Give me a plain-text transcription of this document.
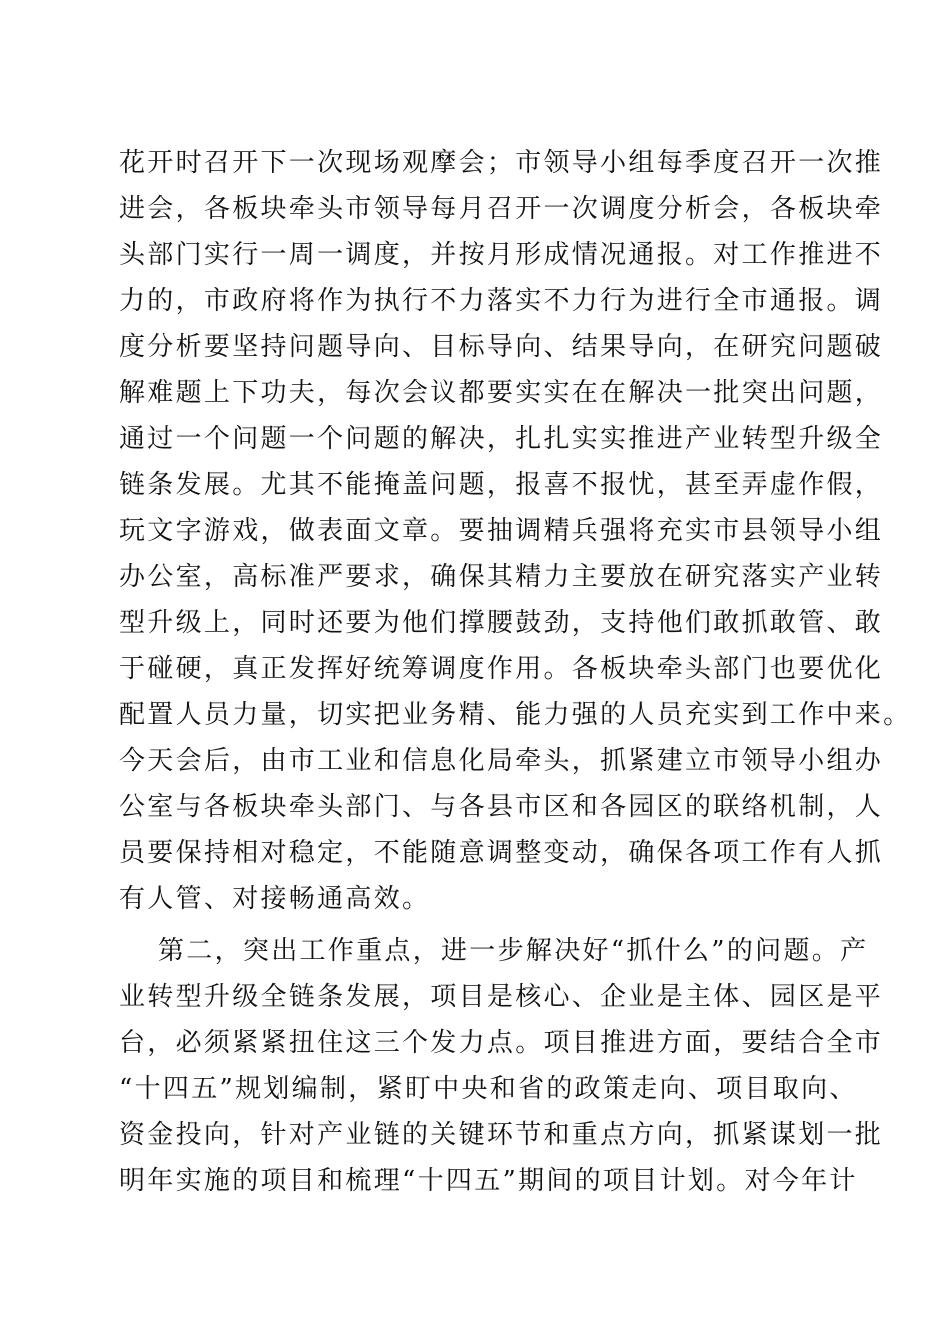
花开时召开下一次现场观摩会；市领导小组每季度召开一次推
进会，各板块牵头市领导每月召开一次调度分析会，各板块牵
头部门实行一周一调度，并按月形成情况通报。对工作推进不
力的，市政府将作为执行不力落实不力行为进行全市通报。调
度分析要坚持问题导向、目标导向、结果导向，在研究问题破
解难题上下功夫，每次会议都要实实在在解决一批突出问题，
通过一个问题一个问题的解决，扎扎实实推进产业转型升级全
链条发展。尤其不能掩盖问题，报喜不报忧，甚至弄虚作假，
玩文字游戏，做表面文章。要抽调精兵强将充实市县领导小组
办公室，高标准严要求，确保其精力主要放在研究落实产业转
型升级上，同时还要为他们撑腰鼓劲，支持他们敢抓敢管、敢
于碰硬，真正发挥好统筹调度作用。各板块牵头部门也要优化
配置人员力量，切实把业务精、能力强的人员充实到工作中来。
今天会后，由市工业和信息化局牵头，抓紧建立市领导小组办
公室与各板块牵头部门、与各县市区和各园区的联络机制，人
员要保持相对稳定，不能随意调整变动，确保各项工作有人抓
有人管、对接畅通高效。
第二，突出工作重点，进一步解决好“抓什么”的问题。产
业转型升级全链条发展，项目是核心、企业是主体、园区是平
台，必须紧紧扭住这三个发力点。项目推进方面，要结合全市
“十四五”规划编制，紧盯中央和省的政策走向、项目取向、
资金投向，针对产业链的关键环节和重点方向，抓紧谋划一批
明年实施的项目和梳理“十四五”期间的项目计划。对今年计
